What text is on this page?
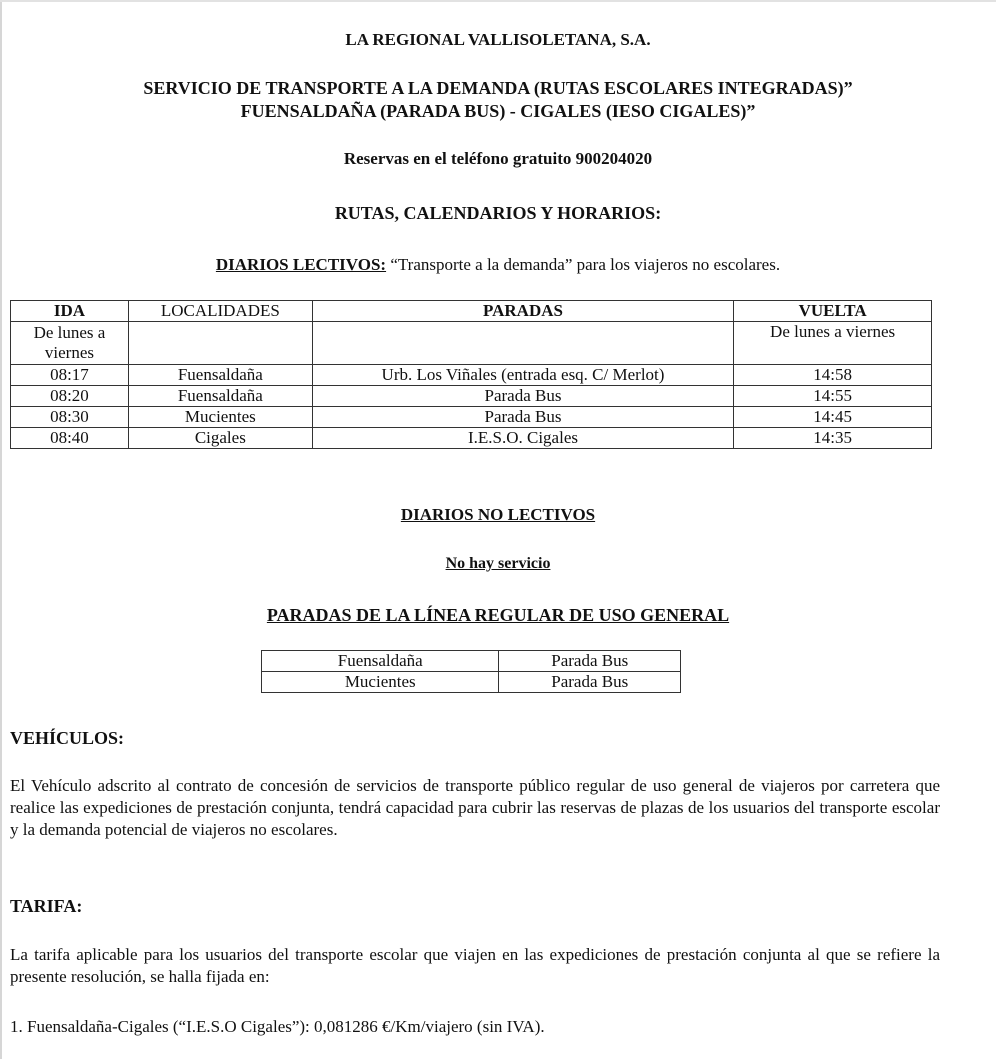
LA REGIONAL VALLISOLETANA, S.A.
SERVICIO DE TRANSPORTE A LA DEMANDA (RUTAS ESCOLARES INTEGRADAS)”
FUENSALDAÑA (PARADA BUS) - CIGALES (IESO CIGALES)”
Reservas en el teléfono gratuito 900204020
RUTAS, CALENDARIOS Y HORARIOS:
DIARIOS LECTIVOS: “Transporte a la demanda” para los viajeros no escolares.
IDA	LOCALIDADES	PARADAS	VUELTA
De lunes a viernes			De lunes a viernes
08:17	Fuensaldaña	Urb. Los Viñales (entrada esq. C/ Merlot)	14:58
08:20	Fuensaldaña	Parada Bus	14:55
08:30	Mucientes	Parada Bus	14:45
08:40	Cigales	I.E.S.O. Cigales	14:35
DIARIOS NO LECTIVOS
No hay servicio
PARADAS DE LA LÍNEA REGULAR DE USO GENERAL
Fuensaldaña	Parada Bus
Mucientes	Parada Bus
VEHÍCULOS:
El Vehículo adscrito al contrato de concesión de servicios de transporte público regular de uso general de viajeros por carretera que realice las expediciones de prestación conjunta, tendrá capacidad para cubrir las reservas de plazas de los usuarios del transporte escolar y la demanda potencial de viajeros no escolares.
TARIFA:
La tarifa aplicable para los usuarios del transporte escolar que viajen en las expediciones de prestación conjunta al que se refiere la presente resolución, se halla fijada en:
1. Fuensaldaña-Cigales (“I.E.S.O Cigales”): 0,081286 €/Km/viajero (sin IVA).
